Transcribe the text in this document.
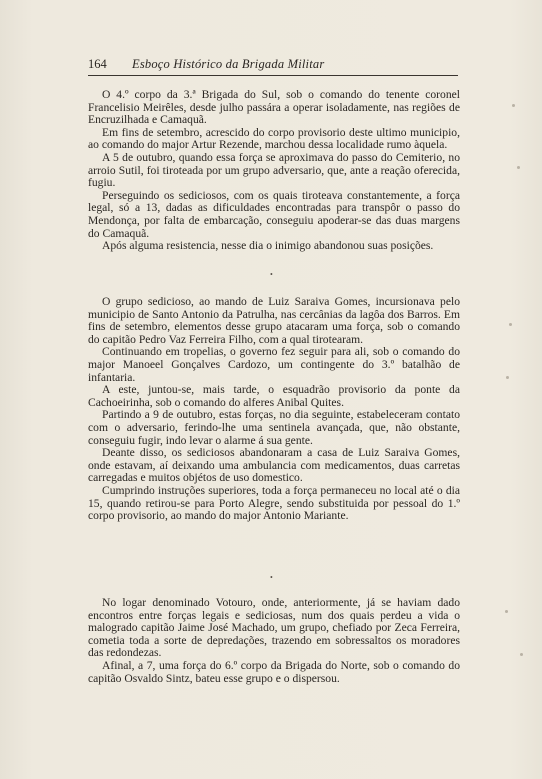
164 Esboço Histórico da Brigada Militar

O 4.º corpo da 3.ª Brigada do Sul, sob o comando do tenente coronel Francelisio Meirêles, desde julho passára a operar isoladamente, nas regiões de Encruzilhada e Camaquã.

Em fins de setembro, acrescido do corpo provisorio deste ultimo municipio, ao comando do major Artur Rezende, marchou dessa localidade rumo àquela.

A 5 de outubro, quando essa força se aproximava do passo do Cemiterio, no arroio Sutil, foi tiroteada por um grupo adversario, que, ante a reação oferecida, fugiu.

Perseguindo os sediciosos, com os quais tiroteava constantemente, a força legal, só a 13, dadas as dificuldades encontradas para transpôr o passo do Mendonça, por falta de embarcação, conseguiu apoderar-se das duas margens do Camaquã.

Após alguma resistencia, nesse dia o inimigo abandonou suas posições.

•

O grupo sedicioso, ao mando de Luiz Saraiva Gomes, incursionava pelo municipio de Santo Antonio da Patrulha, nas cercânias da lagôa dos Barros. Em fins de setembro, elementos desse grupo atacaram uma força, sob o comando do capitão Pedro Vaz Ferreira Filho, com a qual tirotearam.

Continuando em tropelias, o governo fez seguir para ali, sob o comando do major Manoeel Gonçalves Cardozo, um contingente do 3.º batalhão de infantaria.

A este, juntou-se, mais tarde, o esquadrão provisorio da ponte da Cachoeirinha, sob o comando do alferes Anibal Quites.

Partindo a 9 de outubro, estas forças, no dia seguinte, estabeleceram contato com o adversario, ferindo-lhe uma sentinela avançada, que, não obstante, conseguiu fugir, indo levar o alarme á sua gente.

Deante disso, os sediciosos abandonaram a casa de Luiz Saraiva Gomes, onde estavam, aí deixando uma ambulancia com medicamentos, duas carretas carregadas e muitos objétos de uso domestico.

Cumprindo instruções superiores, toda a força permaneceu no local até o dia 15, quando retirou-se para Porto Alegre, sendo substituida por pessoal do 1.º corpo provisorio, ao mando do major Antonio Mariante.

•

No logar denominado Votouro, onde, anteriormente, já se haviam dado encontros entre forças legais e sediciosas, num dos quais perdeu a vida o malogrado capitão Jaime José Machado, um grupo, chefiado por Zeca Ferreira, cometia toda a sorte de depredações, trazendo em sobressaltos os moradores das redondezas.

Afinal, a 7, uma força do 6.º corpo da Brigada do Norte, sob o comando do capitão Osvaldo Sintz, bateu esse grupo e o dispersou.
